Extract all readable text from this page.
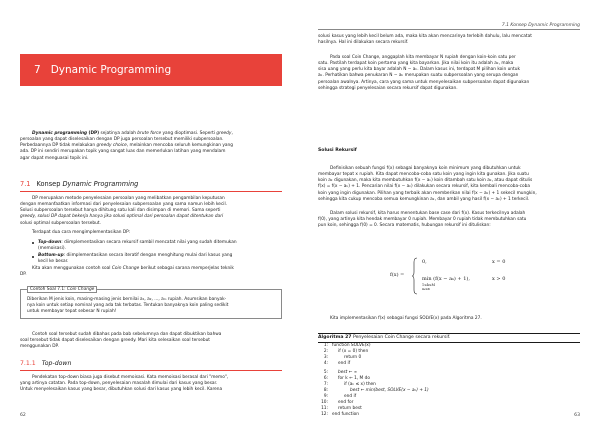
7 Dynamic Programming
Dynamic programming (DP) sejatinya adalah brute force yang dioptimasi. Seperti greedy,
persoalan yang dapat diselesaikan dengan DP juga persoalan tersebut memiliki subpersoalan.
Perbedaannya DP tidak melakukan greedy choice, melainkan mencoba seluruh kemungkinan yang
ada. DP ini sendiri merupakan topik yang sangat luas dan memerlukan latihan yang mendalam
agar dapat menguasai topik ini.
7.1 Konsep Dynamic Programming
DP merupakan metode penyelesaian persoalan yang melibatkan pengambilan keputusan
dengan memanfaatkan informasi dari penyelesaian subpersoalan yang sama namun lebih kecil.
Solusi subpersoalan tersebut hanya dihitung satu kali dan disimpan di memori. Sama seperti
greedy, solusi DP dapat bekerja hanya jika solusi optimal dari persoalan dapat ditentukan dari
solusi optimal subpersoalan tersebut.
Terdapat dua cara mengimplementasikan DP:
Top-down: diimplementasikan secara rekursif sambil mencatat nilai yang sudah ditemukan
(memoisasi).
Bottom-up: diimplementasikan secara iteratif dengan menghitung mulai dari kasus yang
kecil ke besar.
Kita akan menggunakan contoh soal Coin Change berikut sebagai sarana memperjelas teknik
DP.
Contoh Soal 7.1: Coin Change
Diberikan M jenis koin, masing-masing jenis bernilai a₁, a₂, ..., aₘ rupiah. Asumsikan banyak-
nya koin untuk setiap nominal yang ada tak terbatas. Tentukan banyaknya koin paling sedikit
untuk membayar tepat sebesar N rupiah!
Contoh soal tersebut sudah dibahas pada bab sebelumnya dan dapat dibuktikan bahwa
soal tersebut tidak dapat diselesaikan dengan greedy. Mari kita selesaikan soal tersebut
menggunakan DP.
7.1.1 Top-down
Pendekatan top-down biasa juga disebut memoisasi. Kata memoisasi berasal dari "memo",
yang artinya catatan. Pada top-down, penyelesaian masalah dimulai dari kasus yang besar.
Untuk menyelesaikan kasus yang besar, dibutuhkan solusi dari kasus yang lebih kecil. Karena
62
7.1 Konsep Dynamic Programming
solusi kasus yang lebih kecil belum ada, maka kita akan mencarinya terlebih dahulu, lalu mencatat
hasilnya. Hal ini dilakukan secara rekursif.
Pada soal Coin Change, anggaplah kita membayar N rupiah dengan koin-koin satu per
satu. Pastilah terdapat koin pertama yang kita bayarkan. Jika nilai koin itu adalah aₖ, maka
sisa uang yang perlu kita bayar adalah N − aₖ. Dalam kasus ini, terdapat M pilihan koin untuk
aₖ. Perhatikan bahwa penukaran N − aₖ merupakan suatu subpersoalan yang serupa dengan
persoalan awalnya. Artinya, cara yang sama untuk menyelesaikan subpersoalan dapat digunakan
sehingga strategi penyelesaian secara rekursif dapat digunakan.
Solusi Rekursif
Definisikan sebuah fungsi f(x) sebagai banyaknya koin minimum yang dibutuhkan untuk
membayar tepat x rupiah. Kita dapat mencoba-coba satu koin yang ingin kita gunakan. Jika suatu
koin aₖ digunakan, maka kita membutuhkan f(x − aₖ) koin ditambah satu koin aₖ, atau dapat ditulis
f(x) = f(x − aₖ) + 1. Pencarian nilai f(x − aₖ) dilakukan secara rekursif, kita kembali mencoba-coba
koin yang ingin digunakan. Pilihan yang terbaik akan memberikan nilai f(x − aₖ) + 1 sekecil mungkin,
sehingga kita cukup mencoba semua kemungkinan aₖ, dan ambil yang hasil f(x − aₖ) + 1 terkecil.
Dalam solusi rekursif, kita harus menentukan base case dari f(x). Kasus terkecilnya adalah
f(0), yang artinya kita hendak membayar 0 rupiah. Membayar 0 rupiah tidak membutuhkan satu
pun koin, sehingga f(0) = 0. Secara matematis, hubungan rekursif ini dituliskan:
f(x) =
0,	x = 0
min (f(x − aₖ) + 1),
1≤k≤M
aₖ≤x
x > 0
Kita implementasikan f(x) sebagai fungsi SOLVE(x) pada Algoritma 27.
Algoritma 27 Penyelesaian Coin Change secara rekursif.
1: function SOLVE(x)
2: if (x = 0) then
3:	return 0
4: end if
5: best ← ∞
6: for k ← 1, M do
7:	if (aₖ ≤ x) then
8:	best ← min(best, SOLVE(x − aₖ) + 1)
9:	end if
10: end for
11: return best
12: end function	63
